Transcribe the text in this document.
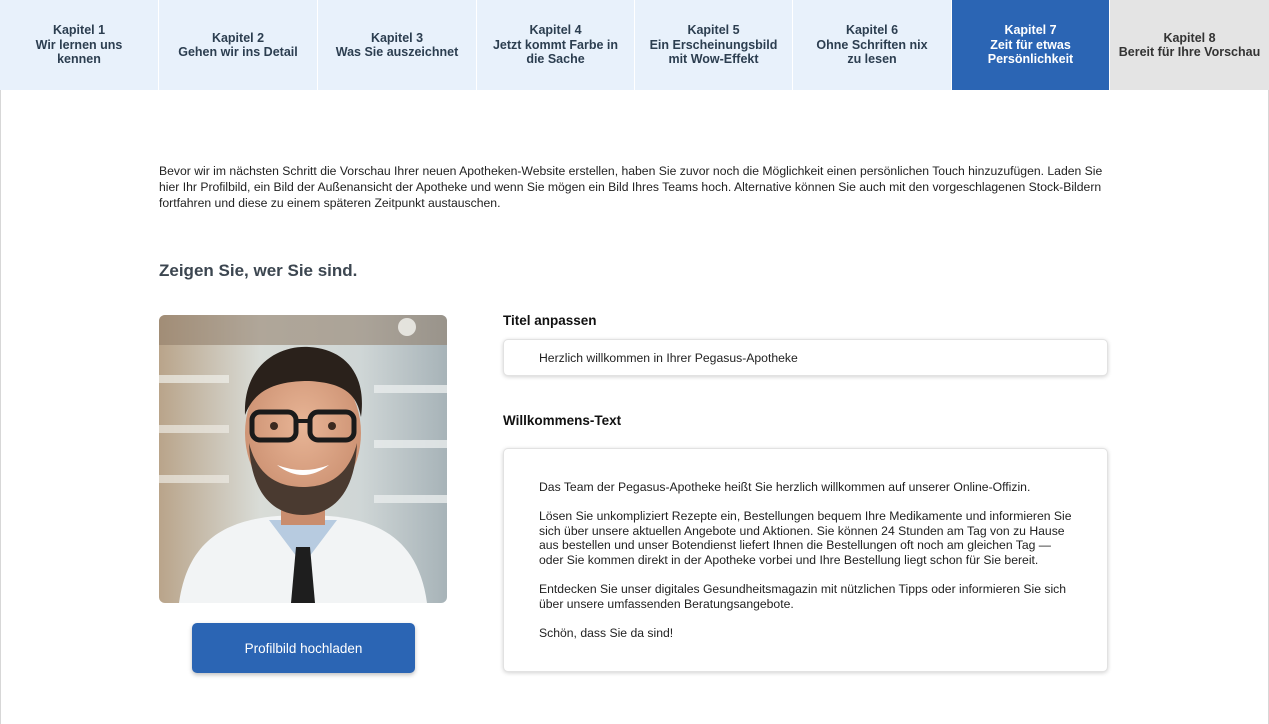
Kapitel 1
Wir lernen uns kennen
Kapitel 2
Gehen wir ins Detail
Kapitel 3
Was Sie auszeichnet
Kapitel 4
Jetzt kommt Farbe in die Sache
Kapitel 5
Ein Erscheinungsbild mit Wow-Effekt
Kapitel 6
Ohne Schriften nix zu lesen
Kapitel 7
Zeit für etwas Persönlichkeit
Kapitel 8
Bereit für Ihre Vorschau

Bevor wir im nächsten Schritt die Vorschau Ihrer neuen Apotheken-Website erstellen, haben Sie zuvor noch die Möglichkeit einen persönlichen Touch hinzuzufügen. Laden Sie hier Ihr Profilbild, ein Bild der Außenansicht der Apotheke und wenn Sie mögen ein Bild Ihres Teams hoch. Alternative können Sie auch mit den vorgeschlagenen Stock-Bildern fortfahren und diese zu einem späteren Zeitpunkt austauschen.

Zeigen Sie, wer Sie sind.
Profilbild hochladen
Titel anpassen
Herzlich willkommen in Ihrer Pegasus-Apotheke
Willkommens-Text

Das Team der Pegasus-Apotheke heißt Sie herzlich willkommen auf unserer Online-Offizin.

Lösen Sie unkompliziert Rezepte ein, Bestellungen bequem Ihre Medikamente und informieren Sie sich über unsere aktuellen Angebote und Aktionen. Sie können 24 Stunden am Tag von zu Hause aus bestellen und unser Botendienst liefert Ihnen die Bestellungen oft noch am gleichen Tag — oder Sie kommen direkt in der Apotheke vorbei und Ihre Bestellung liegt schon für Sie bereit.

Entdecken Sie unser digitales Gesundheitsmagazin mit nützlichen Tipps oder informieren Sie sich über unsere umfassenden Beratungsangebote.

Schön, dass Sie da sind!
